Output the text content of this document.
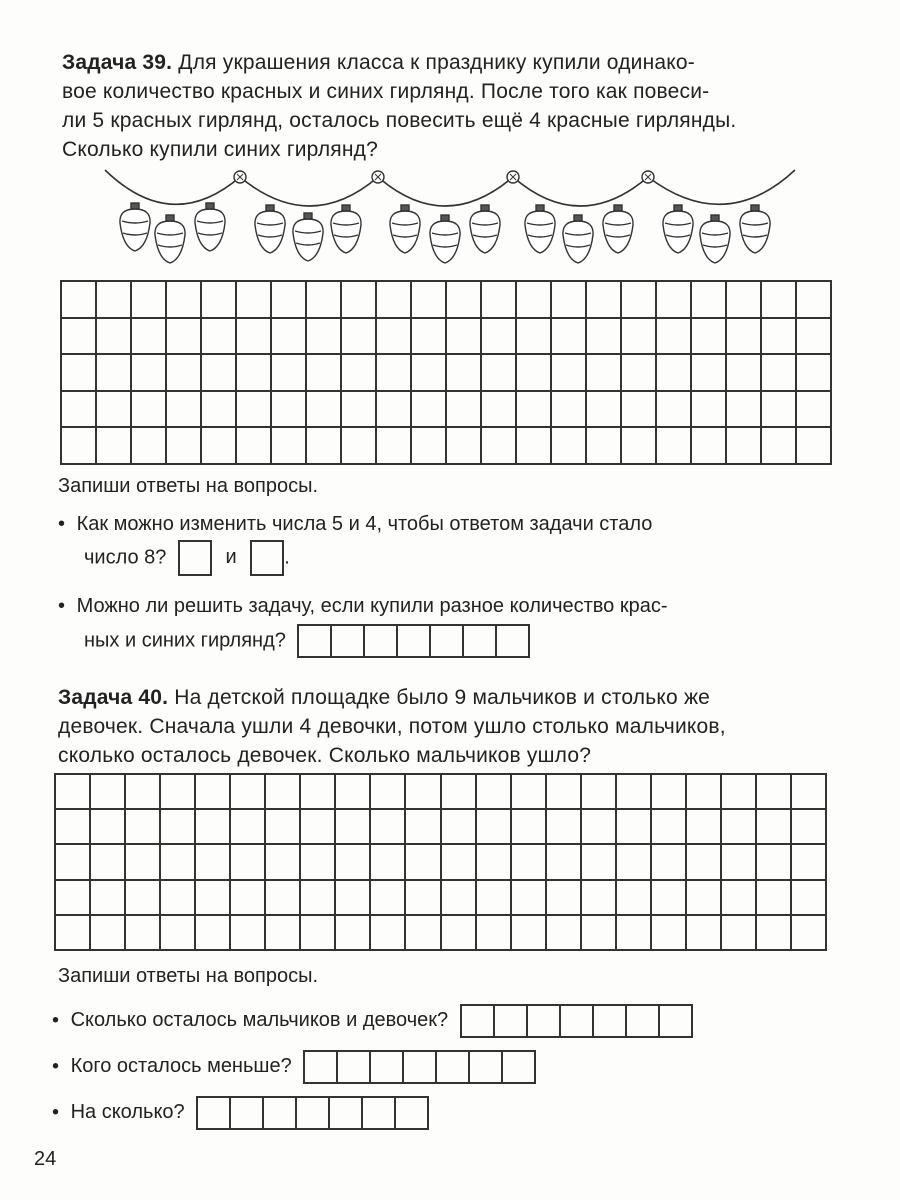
Задача 39. Для украшения класса к празднику купили одинако-
вое количество красных и синих гирлянд. После того как повеси-
ли 5 красных гирлянд, осталось повесить ещё 4 красные гирлянды.
Сколько купили синих гирлянд?
Запиши ответы на вопросы.
• Как можно изменить числа 5 и 4, чтобы ответом задачи стало
число 8?	и .
• Можно ли решить задачу, если купили разное количество крас-
ных и синих гирлянд?
Задача 40. На детской площадке было 9 мальчиков и столько же
девочек. Сначала ушли 4 девочки, потом ушло столько мальчиков,
сколько осталось девочек. Сколько мальчиков ушло?
Запиши ответы на вопросы.
• Сколько осталось мальчиков и девочек?
• Кого осталось меньше?
• На сколько?
24
